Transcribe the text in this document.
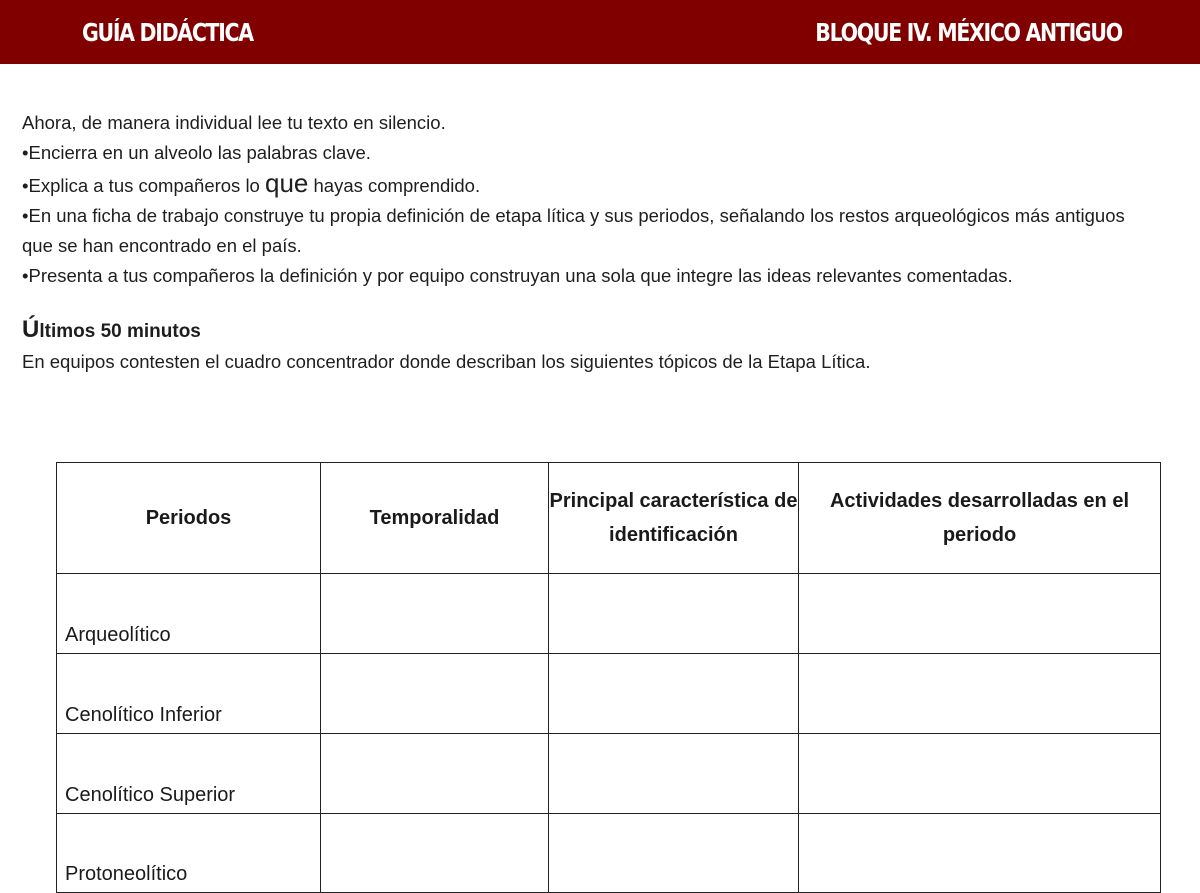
GUÍA DIDÁCTICA	BLOQUE IV. MÉXICO ANTIGUO

Ahora, de manera individual lee tu texto en silencio.

•Encierra en un alveolo las palabras clave.

•Explica a tus compañeros lo que hayas comprendido.

•En una ficha de trabajo construye tu propia definición de etapa lítica y sus periodos, señalando los restos arqueológicos más antiguos que se han encontrado en el país.

•Presenta a tus compañeros la definición y por equipo construyan una sola que integre las ideas relevantes comentadas.

Últimos 50 minutos

En equipos contesten el cuadro concentrador donde describan los siguientes tópicos de la Etapa Lítica.

Periodos	Temporalidad	Principal característica de identificación	Actividades desarrolladas en el periodo
Arqueolítico			
Cenolítico Inferior			
Cenolítico Superior			
Protoneolítico			
